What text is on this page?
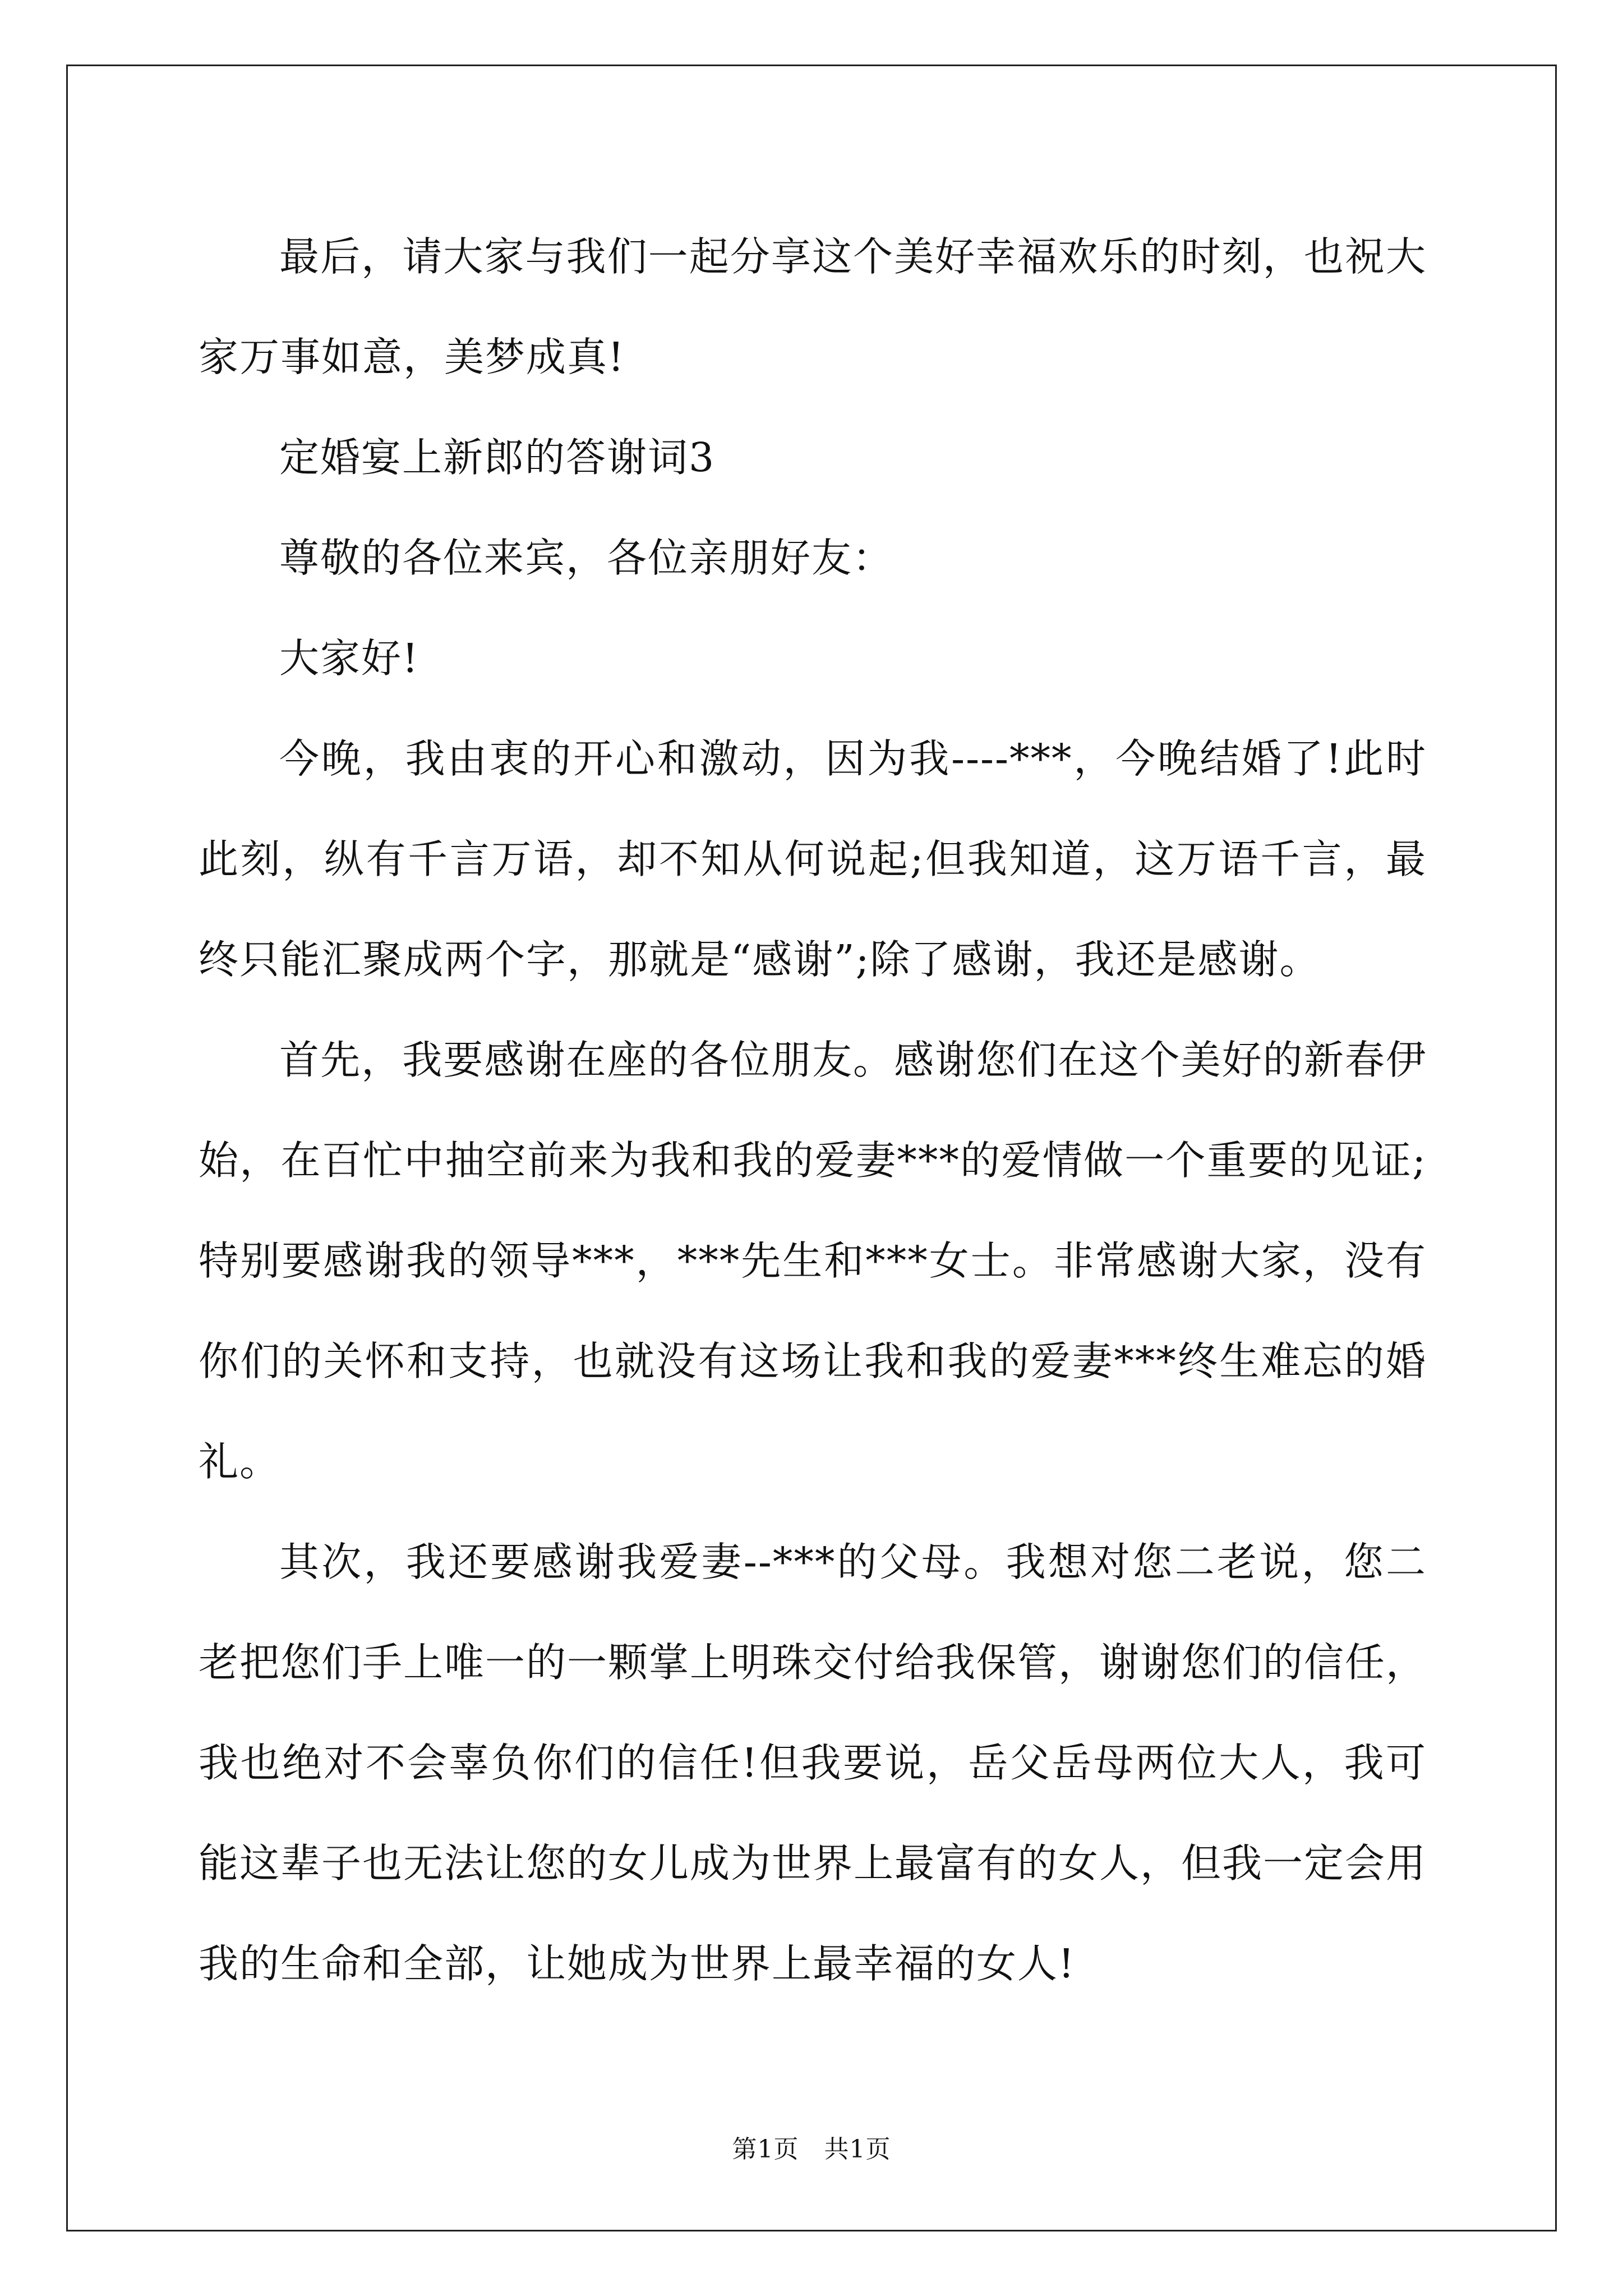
最后，请大家与我们一起分享这个美好幸福欢乐的时刻，也祝大家万事如意，美梦成真!

定婚宴上新郎的答谢词3

尊敬的各位来宾，各位亲朋好友：

大家好!

今晚，我由衷的开心和激动，因为我----***，今晚结婚了!此时此刻，纵有千言万语，却不知从何说起;但我知道，这万语千言，最终只能汇聚成两个字，那就是“感谢”;除了感谢，我还是感谢。

首先，我要感谢在座的各位朋友。感谢您们在这个美好的新春伊始，在百忙中抽空前来为我和我的爱妻***的爱情做一个重要的见证;特别要感谢我的领导***，***先生和***女士。非常感谢大家，没有你们的关怀和支持，也就没有这场让我和我的爱妻***终生难忘的婚礼。

其次，我还要感谢我爱妻--***的父母。我想对您二老说，您二老把您们手上唯一的一颗掌上明珠交付给我保管，谢谢您们的信任，我也绝对不会辜负你们的信任!但我要说，岳父岳母两位大人，我可能这辈子也无法让您的女儿成为世界上最富有的女人，但我一定会用我的生命和全部，让她成为世界上最幸福的女人!

第1页   共1页
